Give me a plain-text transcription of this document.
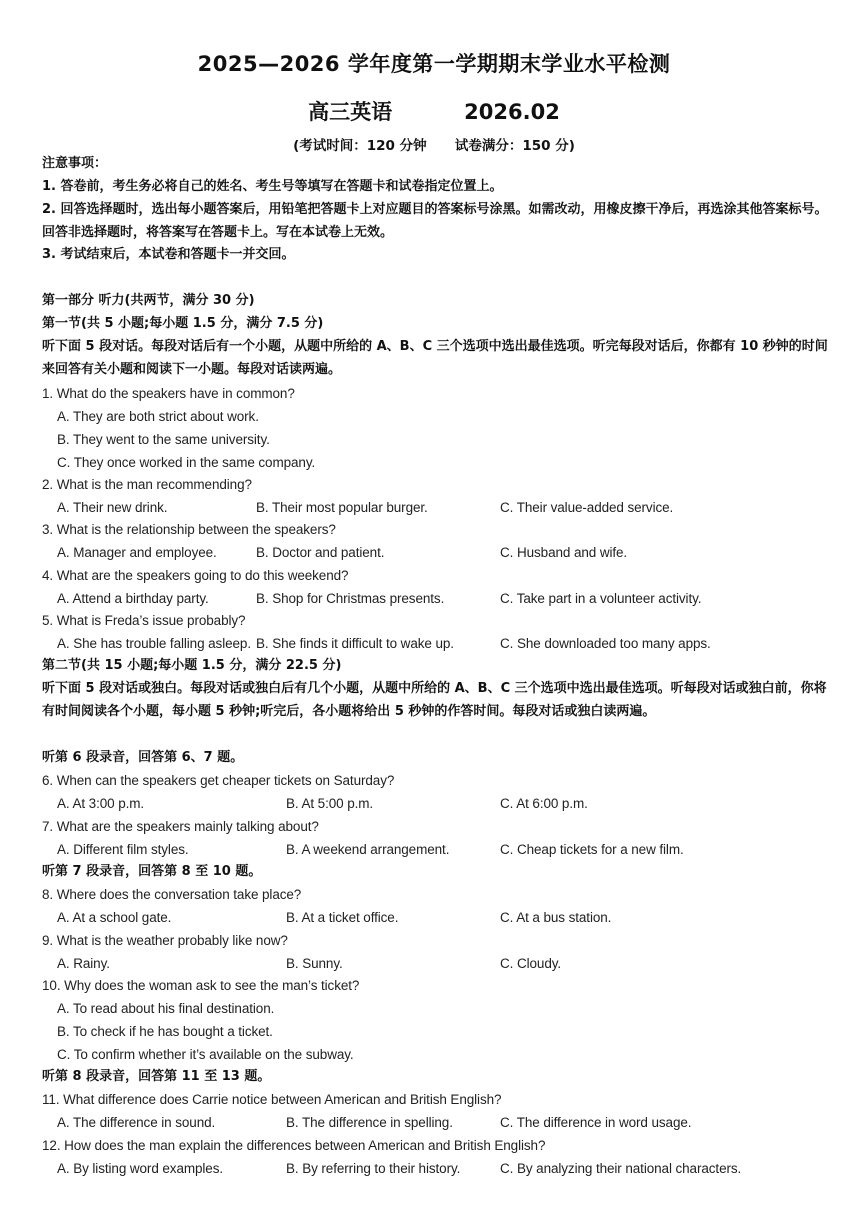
2025—2026 学年度第一学期期末学业水平检测
高三英语	2026.02
(考试时间：120 分钟      试卷满分：150 分)
注意事项：
1. 答卷前，考生务必将自己的姓名、考生号等填写在答题卡和试卷指定位置上。
2. 回答选择题时，选出每小题答案后，用铅笔把答题卡上对应题目的答案标号涂黑。如需改动，用橡皮擦干净后，再选涂其他答案标号。回答非选择题时，将答案写在答题卡上。写在本试卷上无效。
3. 考试结束后，本试卷和答题卡一并交回。
第一部分 听力(共两节，满分 30 分)
第一节(共 5 小题;每小题 1.5 分，满分 7.5 分)
听下面 5 段对话。每段对话后有一个小题，从题中所给的 A、B、C 三个选项中选出最佳选项。听完每段对话后，你都有 10 秒钟的时间来回答有关小题和阅读下一小题。每段对话读两遍。
1. What do the speakers have in common?
A. They are both strict about work.
B. They went to the same university.
C. They once worked in the same company.
2. What is the man recommending?
A. Their new drink.	B. Their most popular burger.	C. Their value-added service.
3. What is the relationship between the speakers?
A. Manager and employee.	B. Doctor and patient.	C. Husband and wife.
4. What are the speakers going to do this weekend?
A. Attend a birthday party.	B. Shop for Christmas presents.	C. Take part in a volunteer activity.
5. What is Freda’s issue probably?
A. She has trouble falling asleep. B. She finds it difficult to wake up.	C. She downloaded too many apps.
第二节(共 15 小题;每小题 1.5 分，满分 22.5 分)
听下面 5 段对话或独白。每段对话或独白后有几个小题，从题中所给的 A、B、C 三个选项中选出最佳选项。听每段对话或独白前，你将有时间阅读各个小题，每小题 5 秒钟;听完后，各小题将给出 5 秒钟的作答时间。每段对话或独白读两遍。
听第 6 段录音，回答第 6、7 题。
6. When can the speakers get cheaper tickets on Saturday?
A. At 3:00 p.m.	B. At 5:00 p.m.	C. At 6:00 p.m.
7. What are the speakers mainly talking about?
A. Different film styles.	B. A weekend arrangement.	C. Cheap tickets for a new film.
听第 7 段录音，回答第 8 至 10 题。
8. Where does the conversation take place?
A. At a school gate.	B. At a ticket office.	C. At a bus station.
9. What is the weather probably like now?
A. Rainy.	B. Sunny.	C. Cloudy.
10. Why does the woman ask to see the man’s ticket?
A. To read about his final destination.
B. To check if he has bought a ticket.
C. To confirm whether it’s available on the subway.
听第 8 段录音，回答第 11 至 13 题。
11. What difference does Carrie notice between American and British English?
A. The difference in sound.	B. The difference in spelling.	C. The difference in word usage.
12. How does the man explain the differences between American and British English?
A. By listing word examples.	B. By referring to their history.	C. By analyzing their national characters.
